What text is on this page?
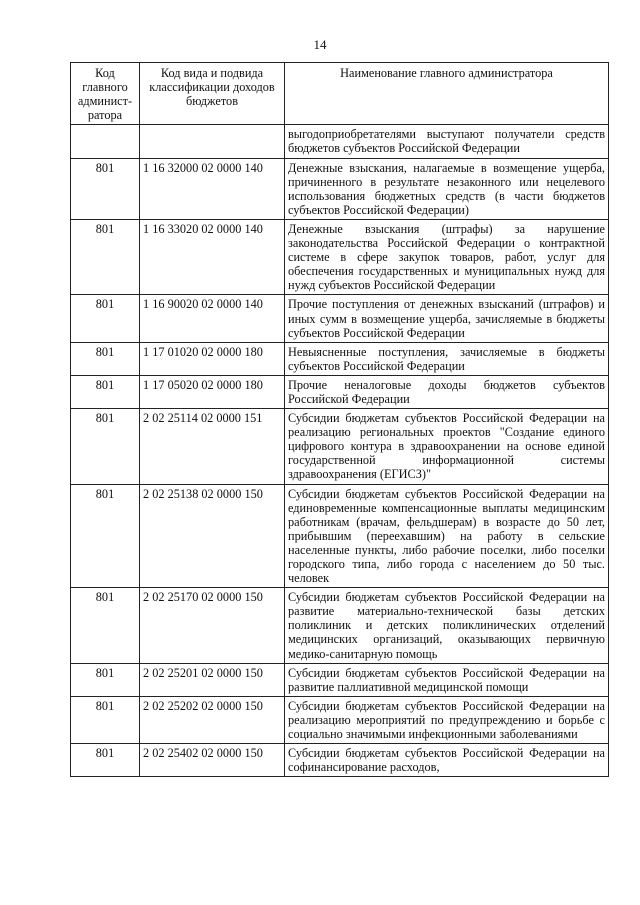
14
Код главного админист-ратора	Код вида и подвида классификации доходов бюджетов	Наименование главного администратора
		выгодоприобретателями выступают получатели средств бюджетов субъектов Российской Федерации
801	1 16 32000 02 0000 140	Денежные взыскания, налагаемые в возмещение ущерба, причиненного в результате незаконного или нецелевого использования бюджетных средств (в части бюджетов субъектов Российской Федерации)
801	1 16 33020 02 0000 140	Денежные взыскания (штрафы) за нарушение законодательства Российской Федерации о контрактной системе в сфере закупок товаров, работ, услуг для обеспечения государственных и муниципальных нужд для нужд субъектов Российской Федерации
801	1 16 90020 02 0000 140	Прочие поступления от денежных взысканий (штрафов) и иных сумм в возмещение ущерба, зачисляемые в бюджеты субъектов Российской Федерации
801	1 17 01020 02 0000 180	Невыясненные поступления, зачисляемые в бюджеты субъектов Российской Федерации
801	1 17 05020 02 0000 180	Прочие неналоговые доходы бюджетов субъектов Российской Федерации
801	2 02 25114 02 0000 151	Субсидии бюджетам субъектов Российской Федерации на реализацию региональных проектов "Создание единого цифрового контура в здравоохранении на основе единой государственной информационной системы здравоохранения (ЕГИСЗ)"
801	2 02 25138 02 0000 150	Субсидии бюджетам субъектов Российской Федерации на единовременные компенсационные выплаты медицинским работникам (врачам, фельдшерам) в возрасте до 50 лет, прибывшим (переехавшим) на работу в сельские населенные пункты, либо рабочие поселки, либо поселки городского типа, либо города с населением до 50 тыс. человек
801	2 02 25170 02 0000 150	Субсидии бюджетам субъектов Российской Федерации на развитие материально-технической базы детских поликлиник и детских поликлинических отделений медицинских организаций, оказывающих первичную медико-санитарную помощь
801	2 02 25201 02 0000 150	Субсидии бюджетам субъектов Российской Федерации на развитие паллиативной медицинской помощи
801	2 02 25202 02 0000 150	Субсидии бюджетам субъектов Российской Федерации на реализацию мероприятий по предупреждению и борьбе с социально значимыми инфекционными заболеваниями
801	2 02 25402 02 0000 150	Субсидии бюджетам субъектов Российской Федерации на софинансирование расходов,
